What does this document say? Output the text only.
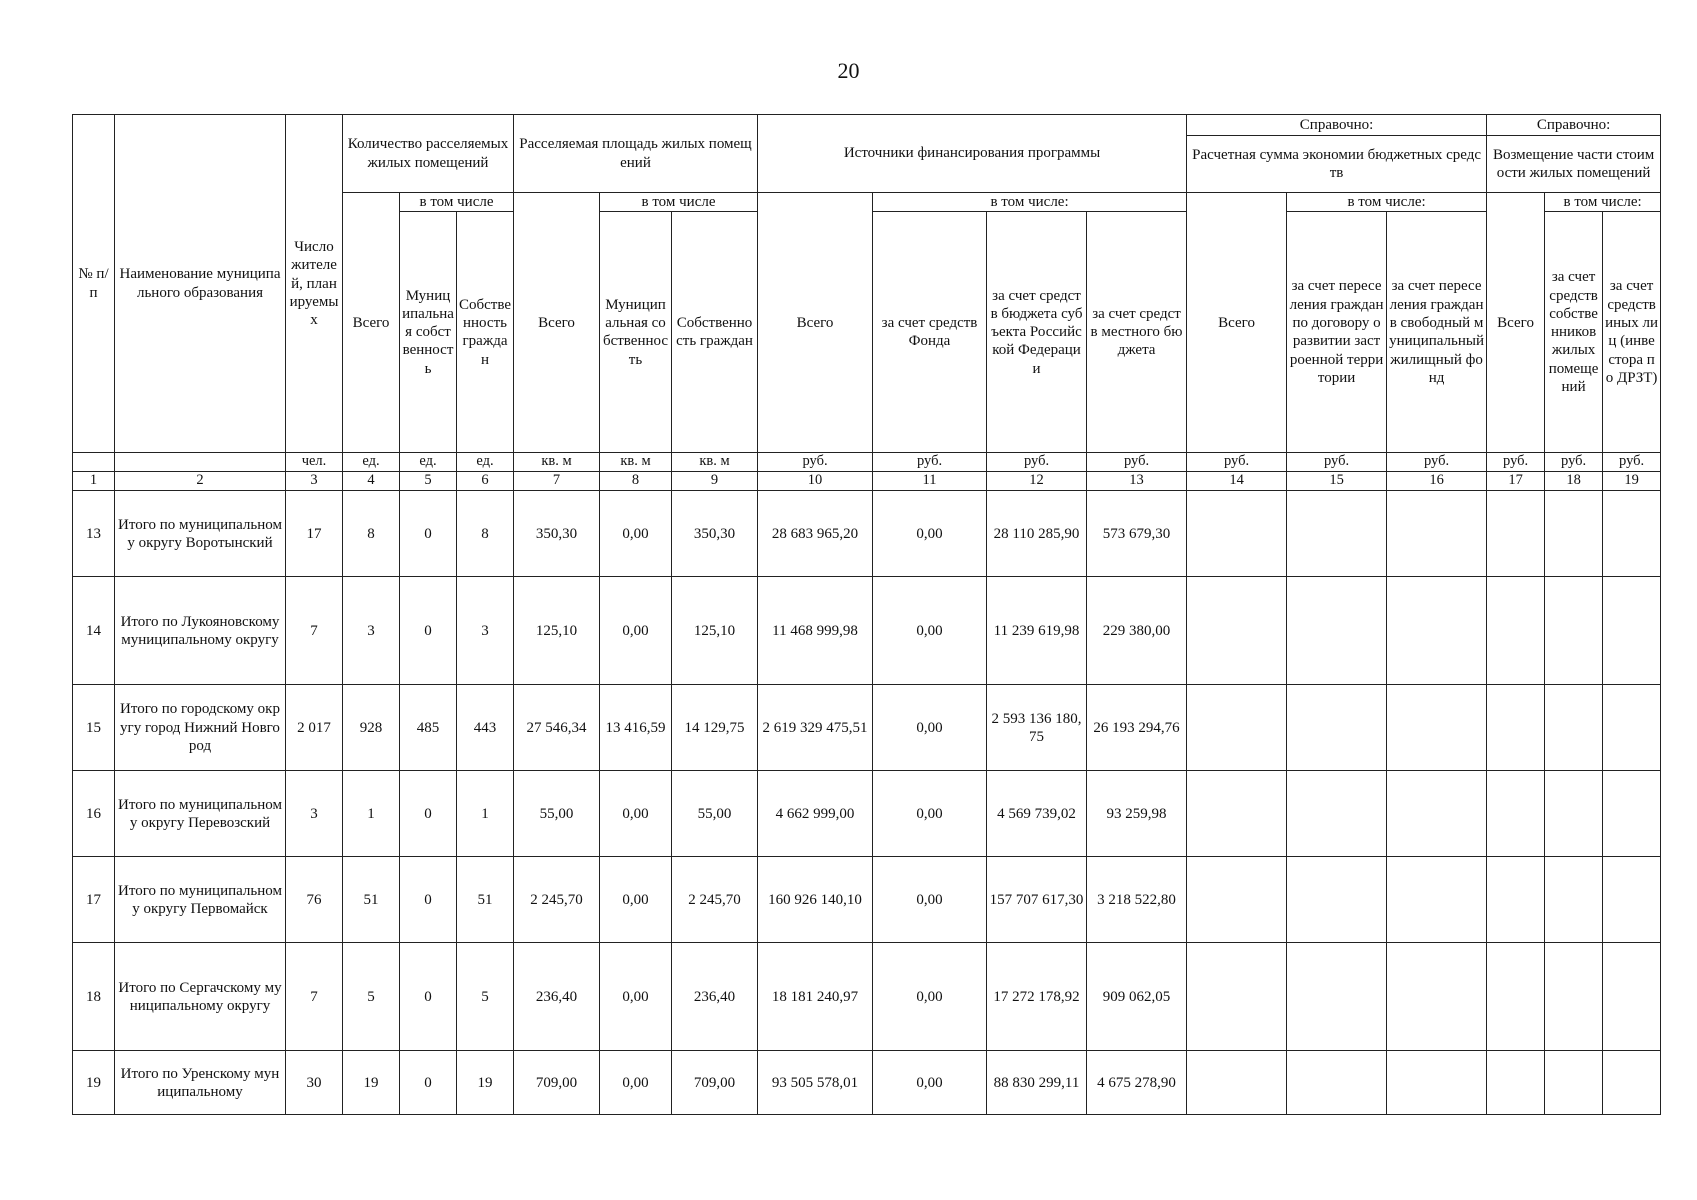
20
№ п/п	Наименование муниципального образования	Число жителей, планируемых	Количество расселяемых жилых помещений			Расселяемая площадь жилых помещений			Источники финансирования программы				Справочно:			Справочно:		
													Расчетная сумма экономии бюджетных средств			Возмещение части стоимости жилых помещений		
			Всего	в том числе		Всего	в том числе		Всего	в том числе:			Всего	в том числе:		Всего	в том числе:	
				Муниципальная собственность	Собственность граждан		Муниципальная собственность	Собственность граждан		за счет средств Фонда	за счет средств бюджета субъекта Российской Федерации	за счет средств местного бюджета		за счет переселения граждан по договору о развитии застроенной территории	за счет переселения граждан в свободный муниципальный жилищный фонд		за счет средств собственников жилых помещений	за счет средств иных лиц (инвестора по ДРЗТ)
		чел.	ед.	ед.	ед.	кв. м	кв. м	кв. м	руб.	руб.	руб.	руб.	руб.	руб.	руб.	руб.	руб.	руб.
1	2	3	4	5	6	7	8	9	10	11	12	13	14	15	16	17	18	19
13	Итого по муниципальному округу Воротынский	17	8	0	8	350,30	0,00	350,30	28 683 965,20	0,00	28 110 285,90	573 679,30						
14	Итого по Лукояновскому муниципальному округу	7	3	0	3	125,10	0,00	125,10	11 468 999,98	0,00	11 239 619,98	229 380,00						
15	Итого по городскому округу город Нижний Новгород	2 017	928	485	443	27 546,34	13 416,59	14 129,75	2 619 329 475,51	0,00	2 593 136 180,75	26 193 294,76						
16	Итого по муниципальному округу Перевозский	3	1	0	1	55,00	0,00	55,00	4 662 999,00	0,00	4 569 739,02	93 259,98						
17	Итого по муниципальному округу Первомайск	76	51	0	51	2 245,70	0,00	2 245,70	160 926 140,10	0,00	157 707 617,30	3 218 522,80						
18	Итого по Сергачскому муниципальному округу	7	5	0	5	236,40	0,00	236,40	18 181 240,97	0,00	17 272 178,92	909 062,05						
19	Итого по Уренскому муниципальному	30	19	0	19	709,00	0,00	709,00	93 505 578,01	0,00	88 830 299,11	4 675 278,90						
